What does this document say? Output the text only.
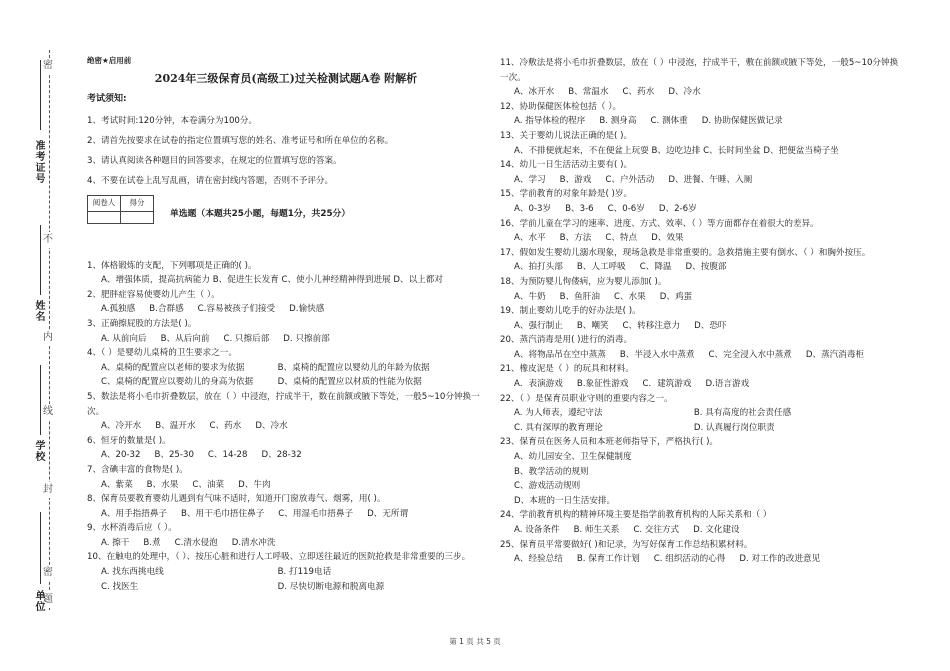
密
不
内
线
封
密
题
准考证号
姓名
学校
单位
绝密★启用前
2024年三级保育员(高级工)过关检测试题A卷 附解析
考试须知:

1、考试时间:120分钟，本卷满分为100分。

2、请首先按要求在试卷的指定位置填写您的姓名、准考证号和所在单位的名称。

3、请认真阅读各种题目的回答要求，在规定的位置填写您的答案。

4、不要在试卷上乱写乱画，请在密封线内答题，否则不予评分。

阅卷人	得分

单选题（本题共25小题，每题1分，共25分）

1、体格锻炼的支配，下列哪项是正确的( )。

A、增强体质，提高抗病能力 B、促进生长发育 C、使小儿神经精神得到进展 D、以上都对

2、肥胖症容易使婴幼儿产生（ ）。

A.孤独感 B.合群感 C.容易被孩子们接受 D.愉快感

3、正确擦屁股的方法是( )。

A. 从前向后 B、从后向前 C. 只擦后部 D. 只擦前部

4、（ ）是婴幼儿桌椅的卫生要求之一。

A、桌椅的配置应以老师的要求为依据	B、桌椅的配置应以婴幼儿的年龄为依据
C、桌椅的配置应以婴幼儿的身高为依据	D、桌椅的配置应以材质的性能为依据

5、数法是将小毛巾折叠数层，放在（ ）中浸泡，拧成半干，数在前额或腋下等处，一般5~10分钟换一次。

A、冷开水 B、温开水 C、药水 D、冷水

6、恒牙的数量是( )。

A、20-32 B、25-30 C、14-28 D、28-32

7、含碘丰富的食物是( )。

A、紫菜 B、水果 C、油菜 D、牛肉

8、保育员要教育婴幼儿遇到有气味不适时，知道开门窗放毒气、烟雾，用( )。

A、用手指捂鼻子 B、用干毛巾捂住鼻子 C、用湿毛巾捂鼻子 D、无所谓

9、水杯消毒后应（ ）。

A. 擦干 B.煮 C.清水侵泡 D.清水冲洗

10、在触电的处理中，（ ）、按压心脏和进行人工呼吸、立即送往最近的医院抢救是非常重要的三步。

A. 找东西挑电线	B. 打119电话
C. 找医生	D. 尽快切断电源和脱离电源

11、冷敷法是将小毛巾折叠数层，放在（ ）中浸泡，拧成半干，敷在前额或腋下等处，一般5~10分钟换一次。

A、冰开水 B、常温水 C、药水 D、冷水

12、协助保健医体检包括（ ）。

A. 指导体检的程序 B. 测身高 C. 测体重 D. 协助保健医做记录

13、关于婴幼儿说法正确的是( )。

A、不排便就起来，不在便盆上玩耍 B、边吃边排 C、长时间坐盆 D、把便盆当椅子坐

14、幼儿一日生活活动主要有( )。

A、学习 B、游戏 C、户外活动 D、进餐、午睡、入厕

15、学前教育的对象年龄是( )岁。

A、0-3岁 B、3-6 C、0-6岁 D、2-6岁

16、学前儿童在学习的速率、进度、方式、效率、（ ）等方面都存在着很大的差异。

A、水平 B、方法 C、特点 D、效果

17、假如发生婴幼儿溺水现象，现场急救是非常重要的。急救措施主要有倒水、（ ）和胸外按压。

A、拍打头部 B、人工呼吸 C、降温 D、按腹部

18、为预防婴儿佝偻病，应为婴儿添加( )。

A、牛奶 B、鱼肝油 C、水果 D、鸡蛋

19、制止婴幼儿吃手的好办法是( )。

A、强行制止 B、嘲笑 C、转移注意力 D、恐吓

20、蒸汽消毒是用( )进行的消毒。

A、将物品吊在空中蒸蒸 B、半浸入水中蒸煮 C、完全浸入水中蒸煮 D、蒸汽消毒柜

21、橡皮泥是（ ）的玩具和材料。

A．表演游戏 B.象征性游戏 C．建筑游戏 D.语言游戏

22、（ ）是保育员职业守则的重要内容之一。

A. 为人师表，遵纪守法	B. 具有高度的社会责任感
C. 具有深厚的教育理论	D. 认真履行岗位职责

23、保育员在医务人员和本班老师指导下，严格执行( )。

A、幼儿园安全、卫生保健制度
B、教学活动的规则
C、游戏活动规则
D、本班的一日生活安排。

24、学前教育机构的精神环境主要是指学前教育机构的人际关系和（ ）

A. 设备条件 B. 师生关系 C. 交往方式 D. 文化建设

25、保育员平常要做好( )和记录，为写好保育工作总结积累材料。

A、经验总结 B. 保育工作计划 C. 组织活动的心得 D. 对工作的改进意见
第 1 页 共 5 页
